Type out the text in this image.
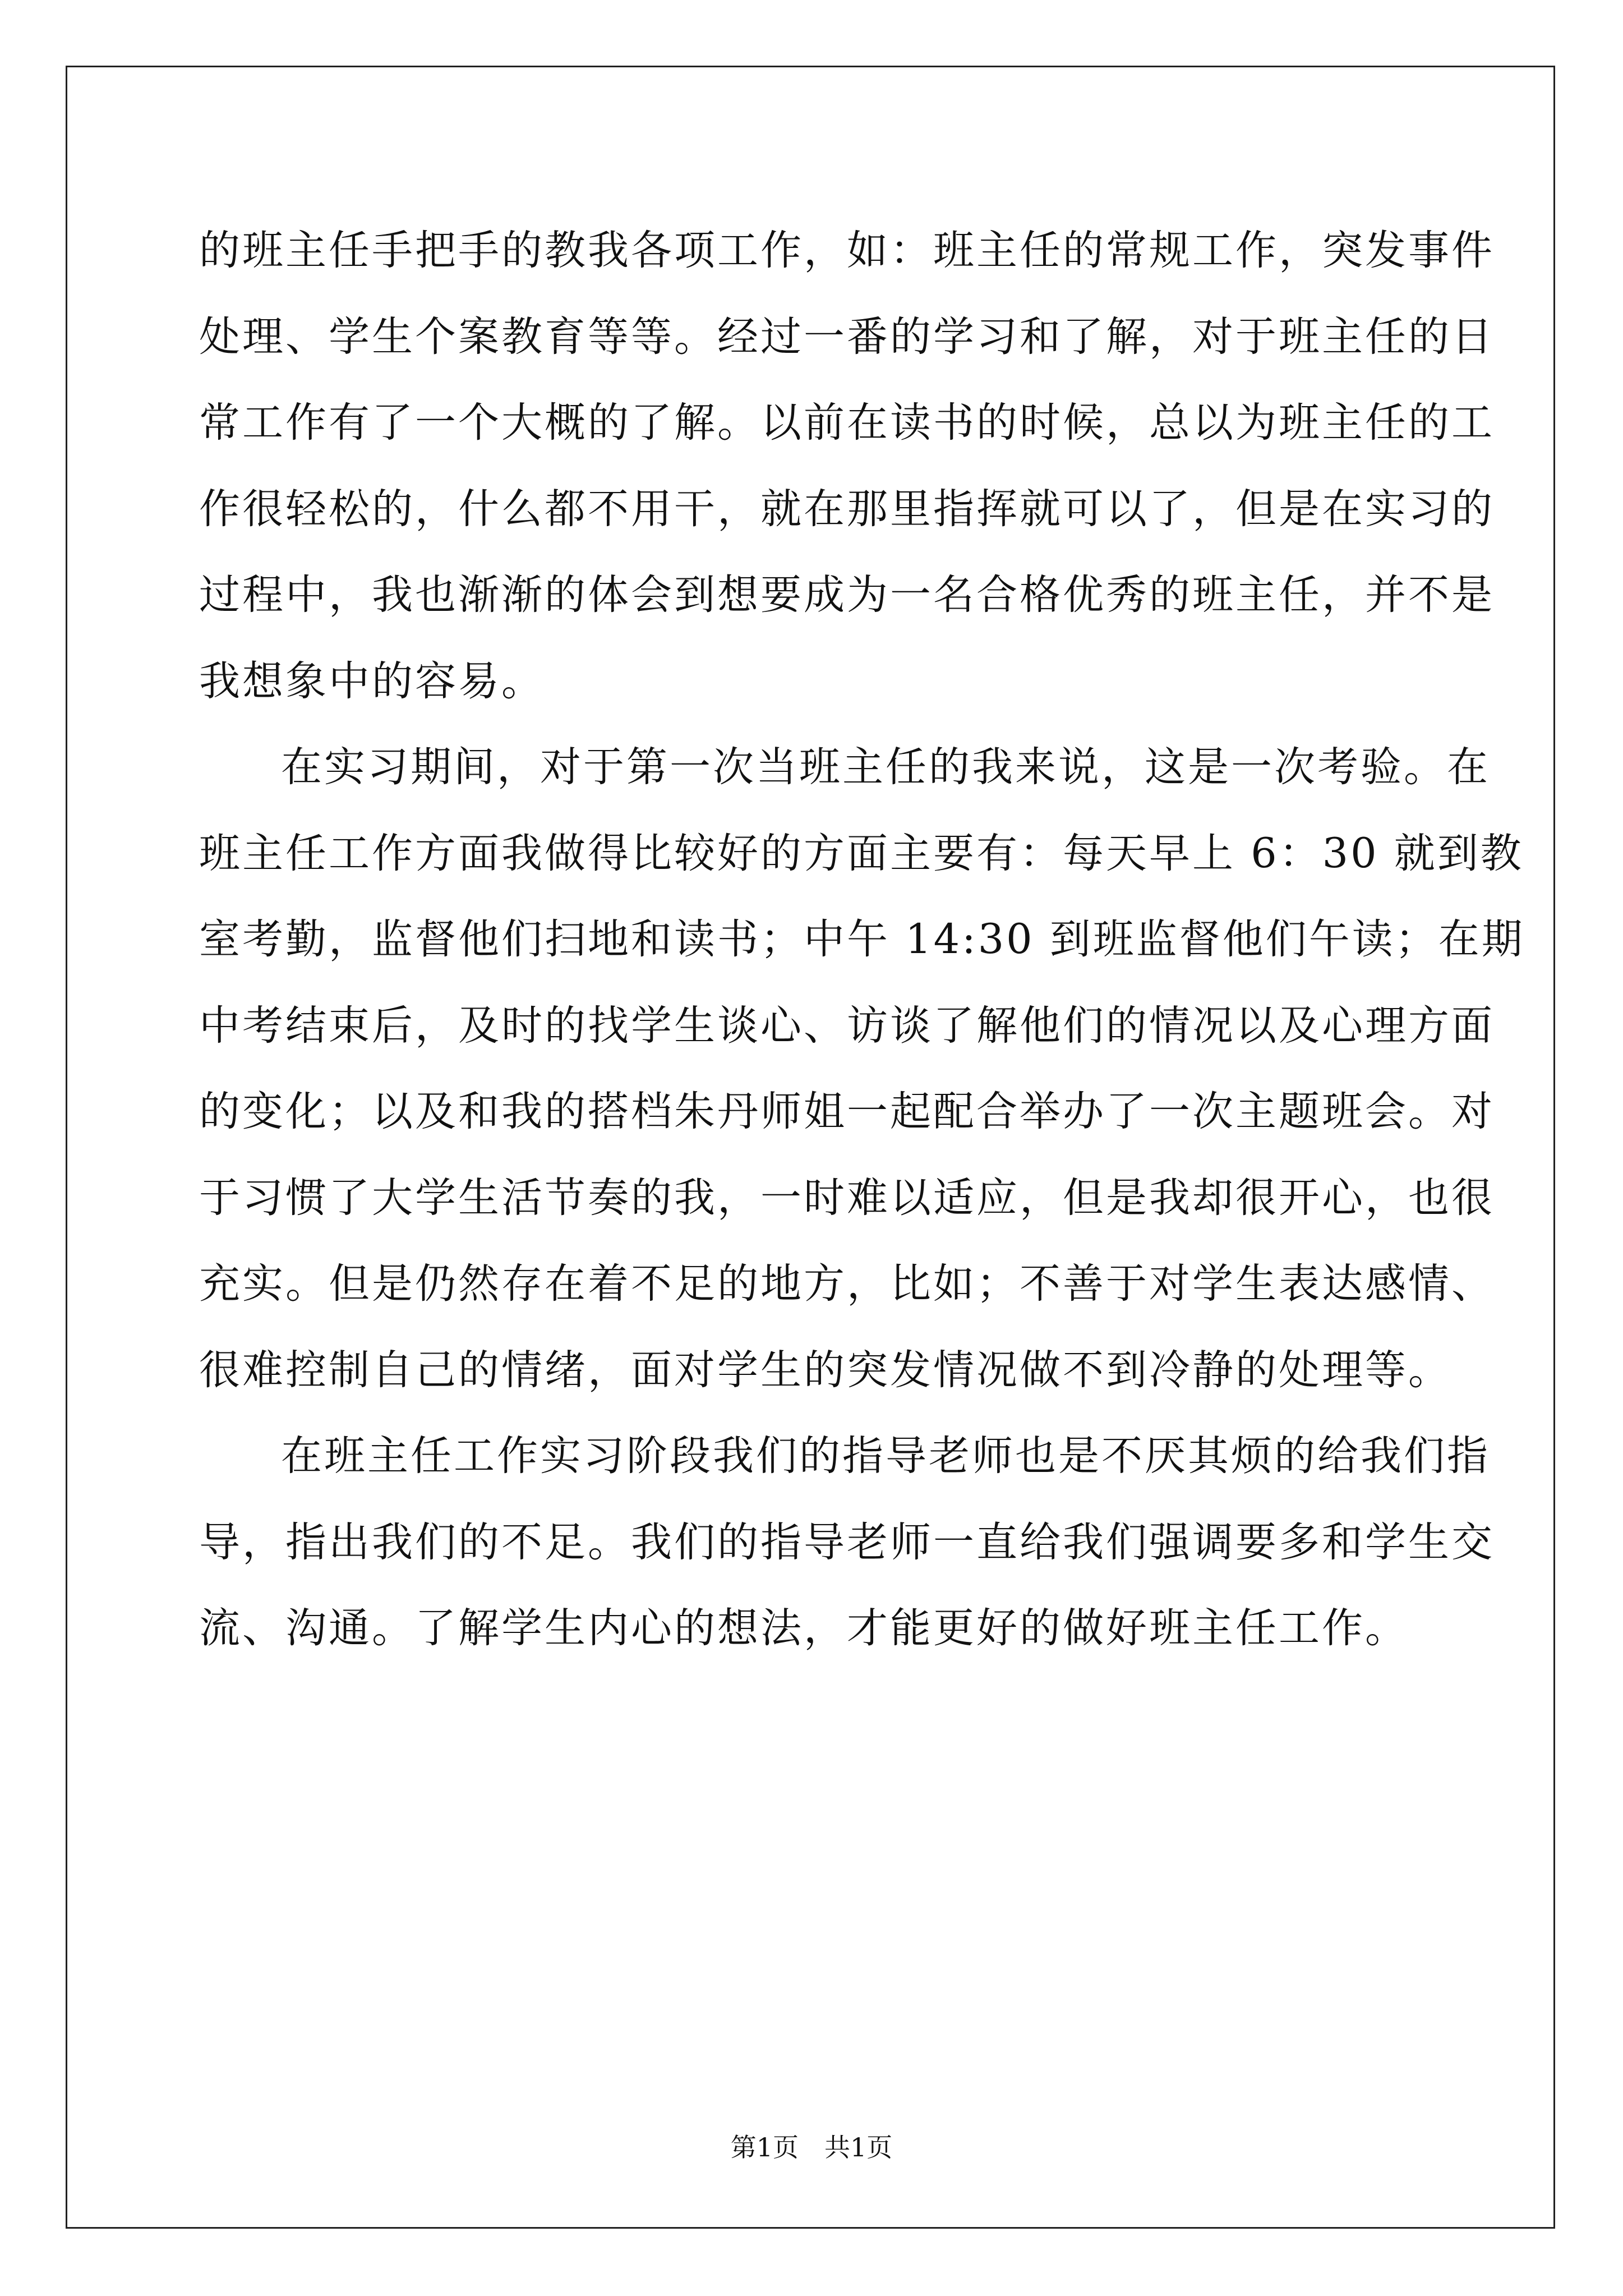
的班主任手把手的教我各项工作，如：班主任的常规工作，突发事件
处理、学生个案教育等等。经过一番的学习和了解，对于班主任的日
常工作有了一个大概的了解。以前在读书的时候，总以为班主任的工
作很轻松的，什么都不用干，就在那里指挥就可以了，但是在实习的
过程中，我也渐渐的体会到想要成为一名合格优秀的班主任，并不是
我想象中的容易。

在实习期间，对于第一次当班主任的我来说，这是一次考验。在
班主任工作方面我做得比较好的方面主要有：每天早上 6：30 就到教
室考勤，监督他们扫地和读书；中午 14:30 到班监督他们午读；在期
中考结束后，及时的找学生谈心、访谈了解他们的情况以及心理方面
的变化；以及和我的搭档朱丹师姐一起配合举办了一次主题班会。对
于习惯了大学生活节奏的我，一时难以适应，但是我却很开心，也很
充实。但是仍然存在着不足的地方，比如；不善于对学生表达感情、
很难控制自己的情绪，面对学生的突发情况做不到冷静的处理等。

在班主任工作实习阶段我们的指导老师也是不厌其烦的给我们指
导，指出我们的不足。我们的指导老师一直给我们强调要多和学生交
流、沟通。了解学生内心的想法，才能更好的做好班主任工作。

第1页 共1页
